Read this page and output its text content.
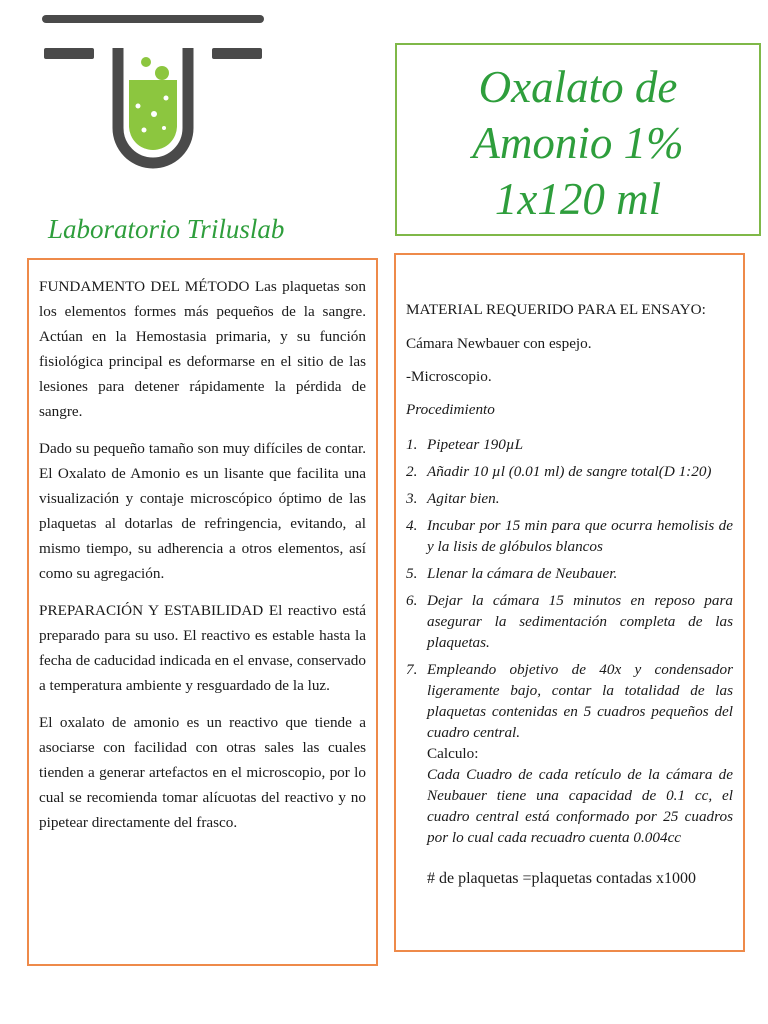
Laboratorio Triluslab
Oxalato de
Amonio 1%
1x120 ml

FUNDAMENTO DEL MÉTODO Las plaquetas son los elementos formes más pequeños de la sangre. Actúan en la Hemostasia primaria, y su función fisiológica principal es deformarse en el sitio de las lesiones para detener rápidamente la pérdida de sangre.

Dado su pequeño tamaño son muy difíciles de contar. El Oxalato de Amonio es un lisante que facilita una visualización y contaje microscópico óptimo de las plaquetas al dotarlas de refringencia, evitando, al mismo tiempo, su adherencia a otros elementos, así como su agregación.

PREPARACIÓN Y ESTABILIDAD El reactivo está preparado para su uso. El reactivo es estable hasta la fecha de caducidad indicada en el envase, conservado a temperatura ambiente y resguardado de la luz.

El oxalato de amonio es un reactivo que tiende a asociarse con facilidad con otras sales las cuales tienden a generar artefactos en el microscopio, por lo cual se recomienda tomar alícuotas del reactivo y no pipetear directamente del frasco.

MATERIAL REQUERIDO PARA EL ENSAYO:
Cámara Newbauer con espejo.
-Microscopio.
Procedimiento
1. Pipetear 190µL
2. Añadir 10 µl (0.01 ml) de sangre total(D 1:20)
3. Agitar bien.
4. Incubar por 15 min para que ocurra hemolisis de y la lisis de glóbulos blancos
5. Llenar la cámara de Neubauer.
6. Dejar la cámara 15 minutos en reposo para asegurar la sedimentación completa de las plaquetas.
7. Empleando objetivo de 40x y condensador ligeramente bajo, contar la totalidad de las plaquetas contenidas en 5 cuadros pequeños del cuadro central.
Calculo:
Cada Cuadro de cada retículo de la cámara de Neubauer tiene una capacidad de 0.1 cc, el cuadro central está conformado por 25 cuadros por lo cual cada recuadro cuenta 0.004cc
# de plaquetas =plaquetas contadas x1000
